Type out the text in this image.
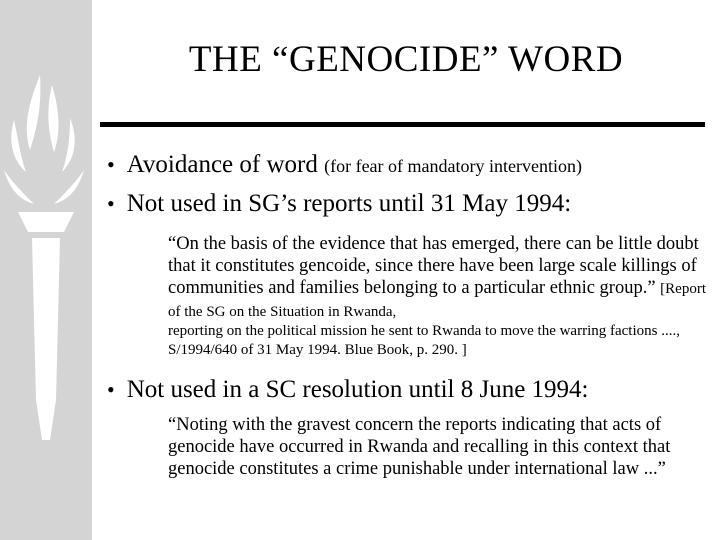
THE “GENOCIDE” WORD
• Avoidance of word (for fear of mandatory intervention)
• Not used in SG’s reports until 31 May 1994:
“On the basis of the evidence that has emerged, there can be little doubt that it constitutes gencoide, since there have been large scale killings of communities and families belonging to a particular ethnic group.” [Report of the SG on the Situation in Rwanda,
reporting on the political mission he sent to Rwanda to move the warring factions ...., S/1994/640 of 31 May 1994. Blue Book, p. 290. ]
• Not used in a SC resolution until 8 June 1994:
“Noting with the gravest concern the reports indicating that acts of genocide have occurred in Rwanda and recalling in this context that genocide constitutes a crime punishable under international law ...”
